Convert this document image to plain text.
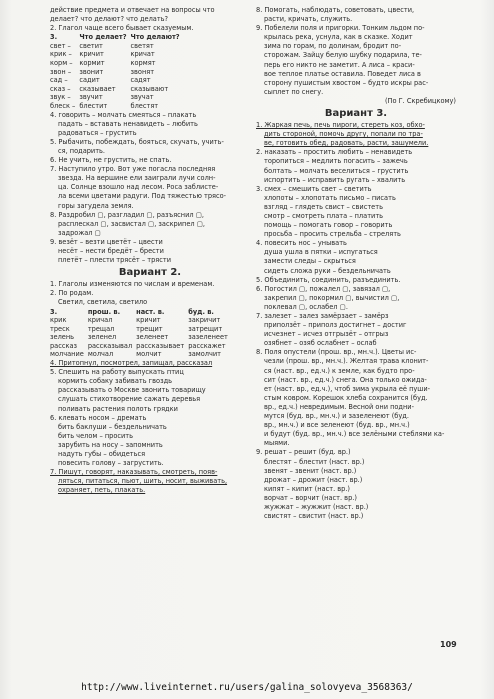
действие предмета и отвечает на вопросы что
делает? что делают? что делать?
2. Глагол чаще всего бывает сказуемым.
3.	Что делает?	Что делают?
свет –	светит	светят
крик –	кричит	кричат
корм –	кормит	кормят
звон –	звонит	звонят
сад –	садит	садят
сказ –	сказывает	сказывают
звук –	звучит	звучат
блеск –	блестит	блестят
4. говорить – молчать смеяться – плакать
падать – вставать ненавидеть – любить
радоваться – грустить
5. Рыбачить, побеждать, бояться, скучать, учить-
ся, подарить.
6. Не учить, не грустить, не спать.
7. Наступило утро. Вот уже погасла последняя
звезда. На вершине ели заиграли лучи солн-
ца. Солнце взошло над лесом. Роса заблисте-
ла всеми цветами радуги. Под тяжестью трясо-
горы загудела земля.
8. Раздробил ▢, разгладил ▢, разъяснил ▢,
расплескал ▢, засвистал ▢, заскрипел ▢,
задрожал ▢
9. везёт – везти цветёт – цвести
несёт – нести бредёт – брести
плетёт – плести трясёт – трясти
Вариант 2.
1. Глаголы изменяются по числам и временам.
2. По родам.
Светил, светила, светило
3.	прош. в.	наст. в.	буд. в.
крик	кричал	кричит	закричит
треск	трещал	трещит	затрещит
зелень	зеленел	зеленеет	зазеленеет
рассказ	рассказывал	рассказывает	расскажет
молчание	молчал	молчит	замолчит
4. Притопнул, посмотрел, запищал, рассказал
5. Спешить на работу выпускать птиц
кормить собаку забивать гвоздь
рассказывать о Москве звонить товарищу
слушать стихотворение сажать деревья
поливать растения полоть грядки
6. клевать носом – дремать
бить баклуши – бездельничать
бить челом – просить
зарубить на носу – запомнить
надуть губы – обидеться
повесить голову – загрустить.
7. Пишут, говорят, наказывать, смотреть, появ-
ляться, питаться, пьют, шить, носит, выживать,
охраняет, петь, плакать.
8. Помогать, наблюдать, советовать, цвести,
расти, кричать, служить.
9. Побелели поля и пригорки. Тонким льдом по-
крылась река, уснула, как в сказке. Ходит
зима по горам, по долинам, бродит по-
сторожам. Зайцу белую шубку подарила, те-
перь его никто не заметит. А лиса – краси-
вое теплое платье оставила. Поведет лиса в
сторону пушистым хвостом – будто искры рас-
сыплет по снегу.
(По Г. Скребицкому)
Вариант 3.
1. Жаркая печь, печь пироги, стереть коз, обхо-
дить стороной, помочь другу, попали по тра-
ве, готовить обед, радовать, расти, зашумели.
2. наказать – простить любить – ненавидеть
торопиться – медлить погасить – зажечь
болтать – молчать веселиться – грустить
испортить – исправить ругать – хвалить
3. смех – смешить свет – светить
хлопоты – хлопотать письмо – писать
взгляд – глядеть свист – свистеть
смотр – смотреть плата – платить
помощь – помогать говор – говорить
просьба – просить стрельба – стрелять
4. повесить нос – унывать
душа ушла в пятки – испугаться
замести следы – скрыться
сидеть сложа руки – бездельничать
5. Объединить, соединить, разъединить.
6. Погостил ▢, пожалел ▢, завязал ▢,
закрепил ▢, покормил ▢, вычистил ▢,
поклевал ▢, ослабел ▢.
7. залезет – залез замёрзает – замёрз
приползёт – приполз достигнет – достиг
исчезнет – исчез отгрызёт – отгрыз
озябнет – озяб ослабнет – ослаб
8. Поля опустели (прош. вр., мн.ч.). Цветы ис-
чезли (прош. вр., мн.ч.). Желтая трава клонит-
ся (наст. вр., ед.ч.) к земле, как будто про-
сит (наст. вр., ед.ч.) снега. Она только ожида-
ет (наст. вр., ед.ч.), чтоб зима укрыла её пуши-
стым ковром. Корешок хлеба сохранится (буд.
вр., ед.ч.) невредимым. Весной они подни-
мутся (буд. вр., мн.ч.) и зазеленеют (буд.
вр., мн.ч.) и все зеленеют (буд. вр., мн.ч.)
и будут (буд. вр., мн.ч.) все зелёными стеблями ка-
мыями.
9. решат – решит (буд. вр.)
блестят – блестит (наст. вр.)
звенят – звенит (наст. вр.)
дрожат – дрожит (наст. вр.)
кипят – кипит (наст. вр.)
ворчат – ворчит (наст. вр.)
жужжат – жужжит (наст. вр.)
свистят – свистит (наст. вр.)
109
http://www.liveinternet.ru/users/galina_solovyeva_3568363/
